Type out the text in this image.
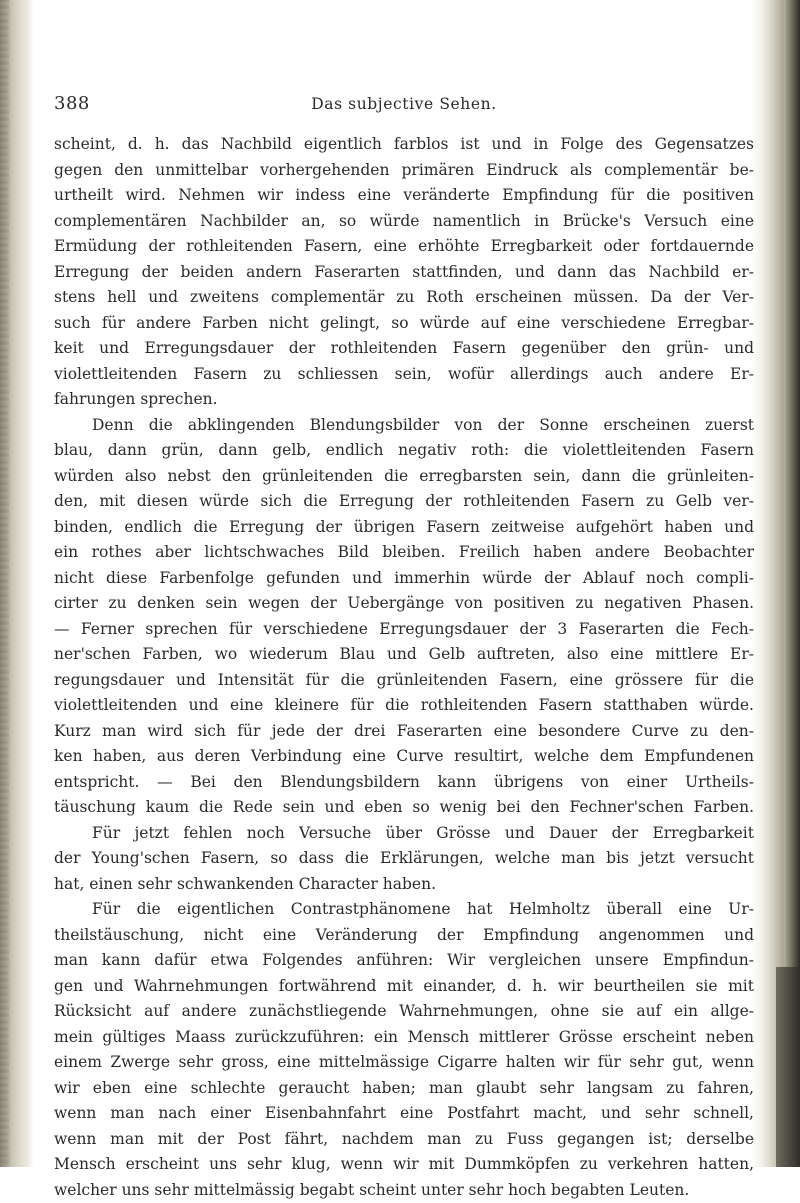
388	Das subjective Sehen.
scheint, d. h. das Nachbild eigentlich farblos ist und in Folge des Gegensatzes
gegen den unmittelbar vorhergehenden primären Eindruck als complementär be-
urtheilt wird. Nehmen wir indess eine veränderte Empfindung für die positiven
complementären Nachbilder an, so würde namentlich in Brücke's Versuch eine
Ermüdung der rothleitenden Fasern, eine erhöhte Erregbarkeit oder fortdauernde
Erregung der beiden andern Faserarten stattfinden, und dann das Nachbild er-
stens hell und zweitens complementär zu Roth erscheinen müssen. Da der Ver-
such für andere Farben nicht gelingt, so würde auf eine verschiedene Erregbar-
keit und Erregungsdauer der rothleitenden Fasern gegenüber den grün- und
violettleitenden Fasern zu schliessen sein, wofür allerdings auch andere Er-
fahrungen sprechen.
Denn die abklingenden Blendungsbilder von der Sonne erscheinen zuerst
blau, dann grün, dann gelb, endlich negativ roth: die violettleitenden Fasern
würden also nebst den grünleitenden die erregbarsten sein, dann die grünleiten-
den, mit diesen würde sich die Erregung der rothleitenden Fasern zu Gelb ver-
binden, endlich die Erregung der übrigen Fasern zeitweise aufgehört haben und
ein rothes aber lichtschwaches Bild bleiben. Freilich haben andere Beobachter
nicht diese Farbenfolge gefunden und immerhin würde der Ablauf noch compli-
cirter zu denken sein wegen der Uebergänge von positiven zu negativen Phasen.
— Ferner sprechen für verschiedene Erregungsdauer der 3 Faserarten die Fech-
ner'schen Farben, wo wiederum Blau und Gelb auftreten, also eine mittlere Er-
regungsdauer und Intensität für die grünleitenden Fasern, eine grössere für die
violettleitenden und eine kleinere für die rothleitenden Fasern statthaben würde.
Kurz man wird sich für jede der drei Faserarten eine besondere Curve zu den-
ken haben, aus deren Verbindung eine Curve resultirt, welche dem Empfundenen
entspricht. — Bei den Blendungsbildern kann übrigens von einer Urtheils-
täuschung kaum die Rede sein und eben so wenig bei den Fechner'schen Farben.
Für jetzt fehlen noch Versuche über Grösse und Dauer der Erregbarkeit
der Young'schen Fasern, so dass die Erklärungen, welche man bis jetzt versucht
hat, einen sehr schwankenden Character haben.
Für die eigentlichen Contrastphänomene hat Helmholtz überall eine Ur-
theilstäuschung, nicht eine Veränderung der Empfindung angenommen und
man kann dafür etwa Folgendes anführen: Wir vergleichen unsere Empfindun-
gen und Wahrnehmungen fortwährend mit einander, d. h. wir beurtheilen sie mit
Rücksicht auf andere zunächstliegende Wahrnehmungen, ohne sie auf ein allge-
mein gültiges Maass zurückzuführen: ein Mensch mittlerer Grösse erscheint neben
einem Zwerge sehr gross, eine mittelmässige Cigarre halten wir für sehr gut, wenn
wir eben eine schlechte geraucht haben; man glaubt sehr langsam zu fahren,
wenn man nach einer Eisenbahnfahrt eine Postfahrt macht, und sehr schnell,
wenn man mit der Post fährt, nachdem man zu Fuss gegangen ist; derselbe
Mensch erscheint uns sehr klug, wenn wir mit Dummköpfen zu verkehren hatten,
welcher uns sehr mittelmässig begabt scheint unter sehr hoch begabten Leuten.
